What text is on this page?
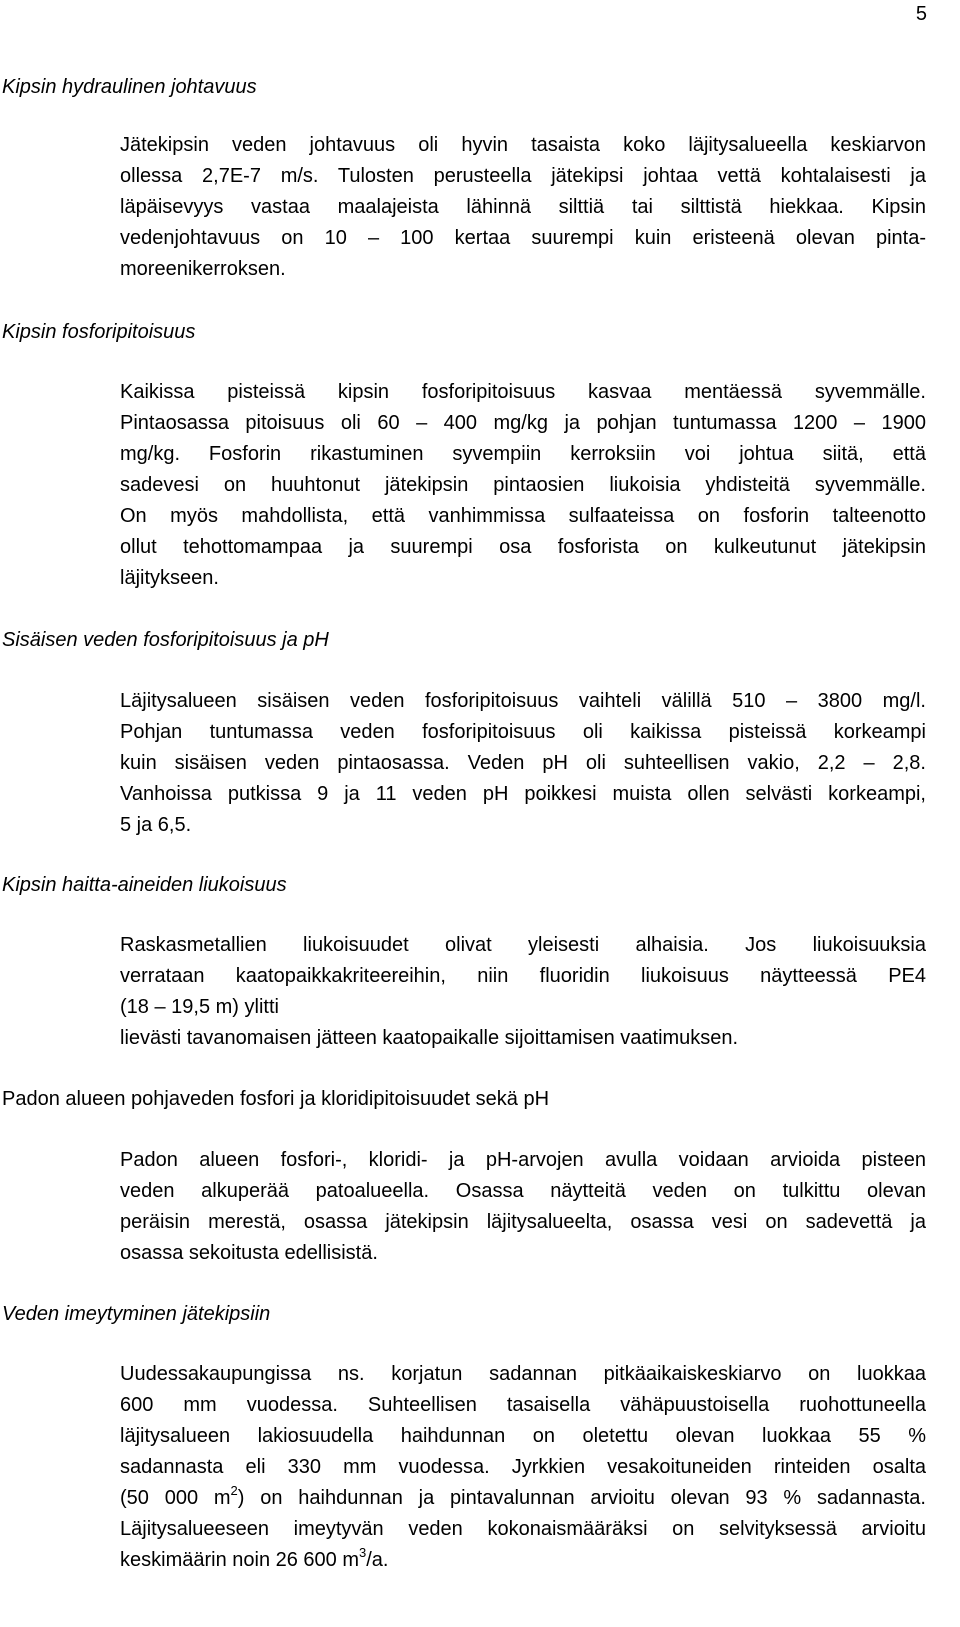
5
Kipsin hydraulinen johtavuus
Jätekipsin veden johtavuus oli hyvin tasaista koko läjitysalueella keskiarvon
ollessa 2,7E-7 m/s. Tulosten perusteella jätekipsi johtaa vettä kohtalaisesti ja
läpäisevyys vastaa maalajeista lähinnä silttiä tai silttistä hiekkaa. Kipsin
vedenjohtavuus on 10 – 100 kertaa suurempi kuin eristeenä olevan pinta-
moreenikerroksen.
Kipsin fosforipitoisuus
Kaikissa pisteissä kipsin fosforipitoisuus kasvaa mentäessä syvemmälle.
Pintaosassa pitoisuus oli 60 – 400 mg/kg ja pohjan tuntumassa 1200 – 1900
mg/kg. Fosforin rikastuminen syvempiin kerroksiin voi johtua siitä, että
sadevesi on huuhtonut jätekipsin pintaosien liukoisia yhdisteitä syvemmälle.
On myös mahdollista, että vanhimmissa sulfaateissa on fosforin talteenotto
ollut tehottomampaa ja suurempi osa fosforista on kulkeutunut jätekipsin
läjitykseen.
Sisäisen veden fosforipitoisuus ja pH
Läjitysalueen sisäisen veden fosforipitoisuus vaihteli välillä 510 – 3800 mg/l.
Pohjan tuntumassa veden fosforipitoisuus oli kaikissa pisteissä korkeampi
kuin sisäisen veden pintaosassa. Veden pH oli suhteellisen vakio, 2,2 – 2,8.
Vanhoissa putkissa 9 ja 11 veden pH poikkesi muista ollen selvästi korkeampi,
5 ja 6,5.
Kipsin haitta-aineiden liukoisuus
Raskasmetallien liukoisuudet olivat yleisesti alhaisia. Jos liukoisuuksia
verrataan kaatopaikkakriteereihin, niin fluoridin liukoisuus näytteessä PE4
(18 – 19,5 m) ylitti
lievästi tavanomaisen jätteen kaatopaikalle sijoittamisen vaatimuksen.
Padon alueen pohjaveden fosfori ja kloridipitoisuudet sekä pH
Padon alueen fosfori-, kloridi- ja pH-arvojen avulla voidaan arvioida pisteen
veden alkuperää patoalueella. Osassa näytteitä veden on tulkittu olevan
peräisin merestä, osassa jätekipsin läjitysalueelta, osassa vesi on sadevettä ja
osassa sekoitusta edellisistä.
Veden imeytyminen jätekipsiin
Uudessakaupungissa ns. korjatun sadannan pitkäaikaiskeskiarvo on luokkaa
600 mm vuodessa. Suhteellisen tasaisella vähäpuustoisella ruohottuneella
läjitysalueen lakiosuudella haihdunnan on oletettu olevan luokkaa 55 %
sadannasta eli 330 mm vuodessa. Jyrkkien vesakoituneiden rinteiden osalta
(50 000 $m^2$) on haihdunnan ja pintavalunnan arvioitu olevan 93 % sadannasta.
Läjitysalueeseen imeytyvän veden kokonaismääräksi on selvityksessä arvioitu
keskimäärin noin 26 600 $m^3/a$.
